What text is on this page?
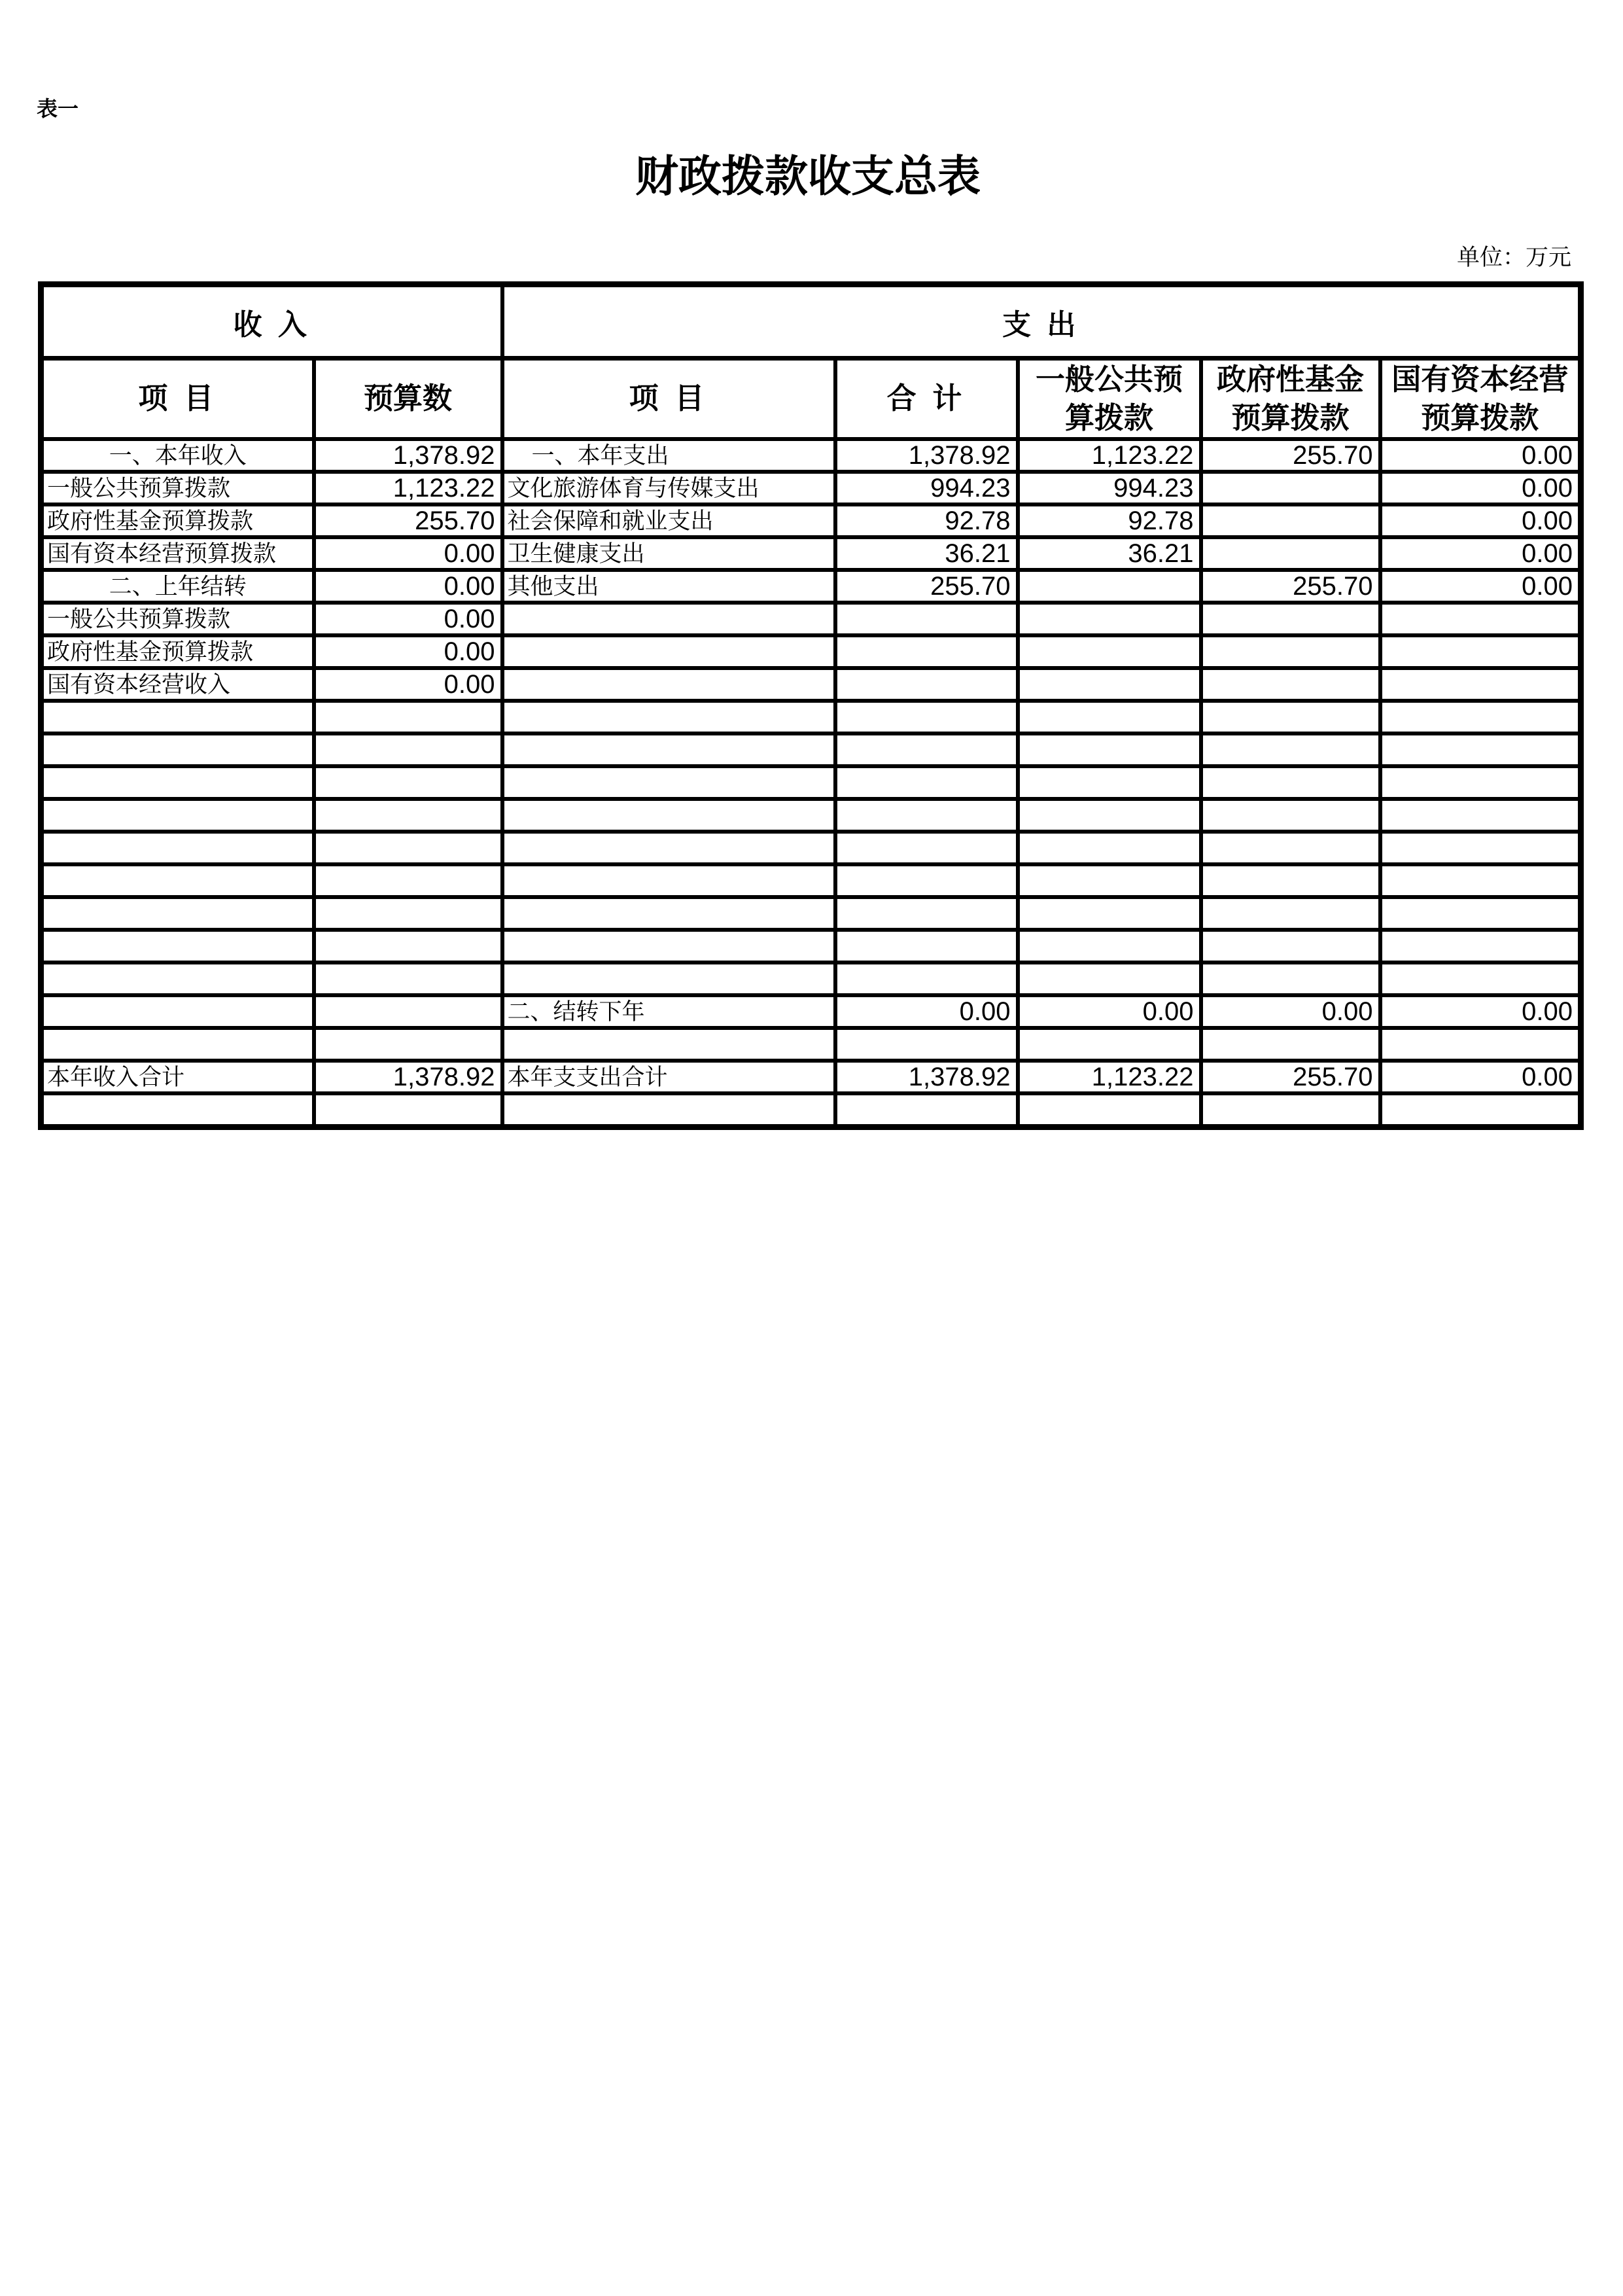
表一
财政拨款收支总表
单位：万元
收入		支出				
项目	预算数	项目	合计	一般公共预算拨款	政府性基金预算拨款	国有资本经营预算拨款
一、本年收入	1,378.92	一、本年支出	1,378.92	1,123.22	255.70	0.00
一般公共预算拨款	1,123.22	文化旅游体育与传媒支出	994.23	994.23		0.00
政府性基金预算拨款	255.70	社会保障和就业支出	92.78	92.78		0.00
国有资本经营预算拨款	0.00	卫生健康支出	36.21	36.21		0.00
二、上年结转	0.00	其他支出	255.70		255.70	0.00
一般公共预算拨款	0.00					
政府性基金预算拨款	0.00					
国有资本经营收入	0.00					

		二、结转下年	0.00	0.00	0.00	0.00

本年收入合计	1,378.92	本年支支出合计	1,378.92	1,123.22	255.70	0.00
